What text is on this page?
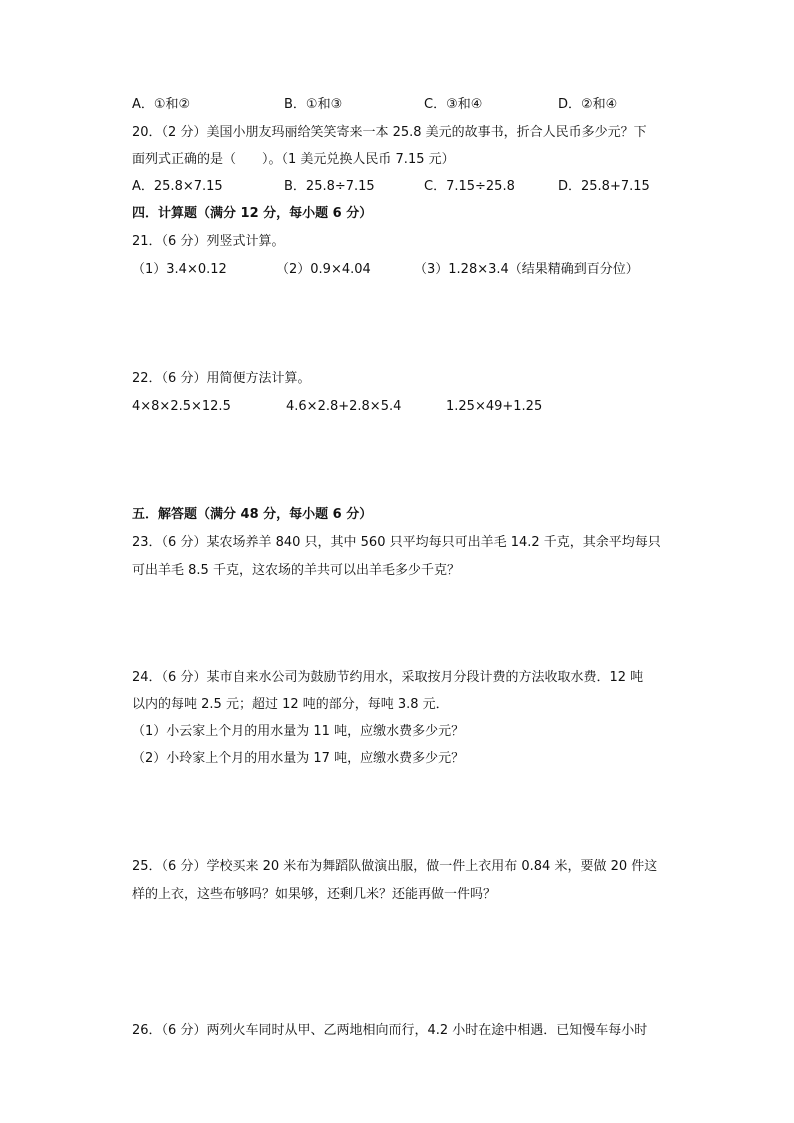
A．①和②	B．①和③	C．③和④	D．②和④
20．（2 分）美国小朋友玛丽给笑笑寄来一本 25.8 美元的故事书，折合人民币多少元？下
面列式正确的是（　　）。（1 美元兑换人民币 7.15 元）
A．25.8×7.15	B．25.8÷7.15	C．7.15÷25.8	D．25.8+7.15
四．计算题（满分 12 分，每小题 6 分）
21．（6 分）列竖式计算。
（1）3.4×0.12	（2）0.9×4.04	（3）1.28×3.4（结果精确到百分位）
22．（6 分）用简便方法计算。
4×8×2.5×12.5	4.6×2.8+2.8×5.4	1.25×49+1.25
五．解答题（满分 48 分，每小题 6 分）
23．（6 分）某农场养羊 840 只，其中 560 只平均每只可出羊毛 14.2 千克，其余平均每只
可出羊毛 8.5 千克，这农场的羊共可以出羊毛多少千克？
24．（6 分）某市自来水公司为鼓励节约用水，采取按月分段计费的方法收取水费．12 吨
以内的每吨 2.5 元；超过 12 吨的部分，每吨 3.8 元．
（1）小云家上个月的用水量为 11 吨，应缴水费多少元？
（2）小玲家上个月的用水量为 17 吨，应缴水费多少元？
25．（6 分）学校买来 20 米布为舞蹈队做演出服，做一件上衣用布 0.84 米，要做 20 件这
样的上衣，这些布够吗？如果够，还剩几米？还能再做一件吗？
26．（6 分）两列火车同时从甲、乙两地相向而行，4.2 小时在途中相遇．已知慢车每小时
